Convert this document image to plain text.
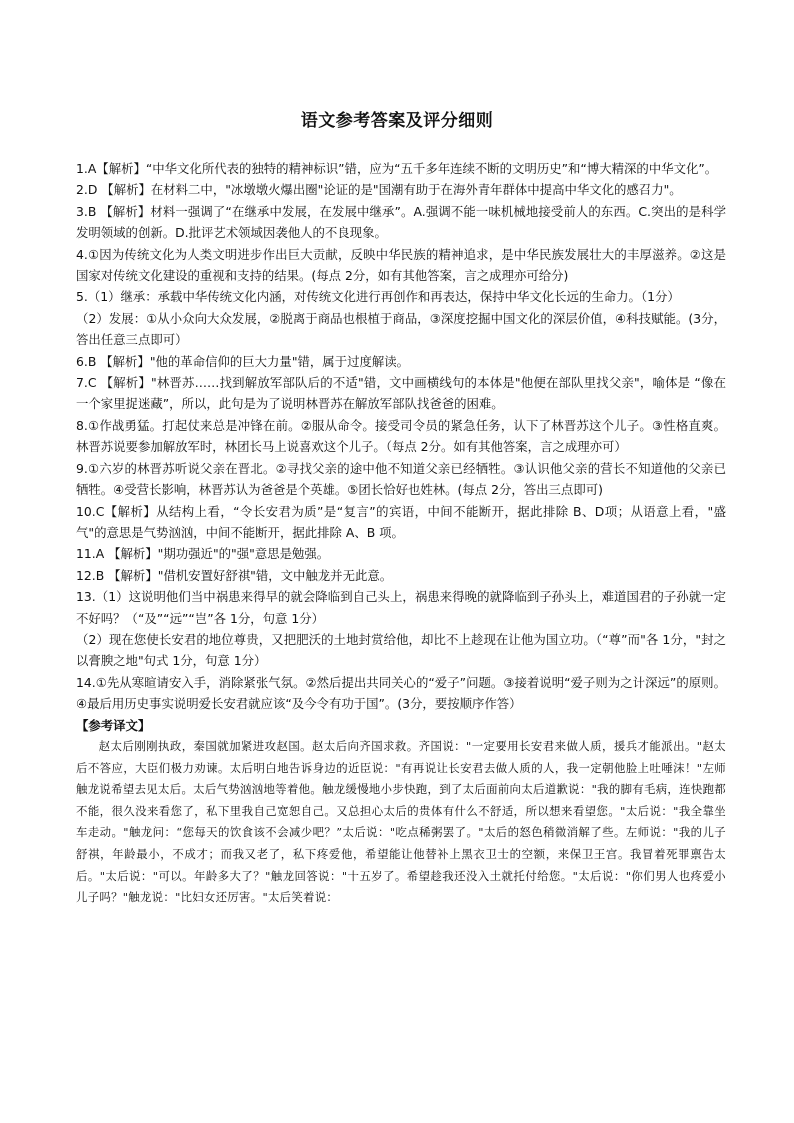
语文参考答案及评分细则

1.A【解析】“中华文化所代表的独特的精神标识”错，应为“五千多年连续不断的文明历史”和“博大精深的中华文化”。

2.D 【解析】在材料二中，"冰墩墩火爆出圈"论证的是"国潮有助于在海外青年群体中提高中华文化的感召力"。

3.B 【解析】材料一强调了“在继承中发展，在发展中继承”。A.强调不能一味机械地接受前人的东西。C.突出的是科学发明领域的创新。D.批评艺术领域因袭他人的不良现象。

4.①因为传统文化为人类文明进步作出巨大贡献，反映中华民族的精神追求，是中华民族发展壮大的丰厚滋养。②这是国家对传统文化建设的重视和支持的结果。(每点 2分，如有其他答案，言之成理亦可给分)

5.（1）继承：承载中华传统文化内涵，对传统文化进行再创作和再表达，保持中华文化长远的生命力。（1分）

（2）发展：①从小众向大众发展，②脱离于商品也根植于商品，③深度挖掘中国文化的深层价值，④科技赋能。(3分，答出任意三点即可）

6.B 【解析】"他的革命信仰的巨大力量"错，属于过度解读。

7.C 【解析】"林晋苏……找到解放军部队后的不适"错，文中画横线句的本体是"他便在部队里找父亲"，喻体是 “像在一个家里捉迷藏”，所以，此句是为了说明林晋苏在解放军部队找爸爸的困难。

8.①作战勇猛。打起仗来总是冲锋在前。②服从命令。接受司令员的紧急任务，认下了林晋苏这个儿子。③性格直爽。林晋苏说要参加解放军时，林团长马上说喜欢这个儿子。（每点 2分。如有其他答案，言之成理亦可）

9.①六岁的林晋苏听说父亲在晋北。②寻找父亲的途中他不知道父亲已经牺牲。③认识他父亲的营长不知道他的父亲已牺牲。④受营长影响，林晋苏认为爸爸是个英雄。⑤团长恰好也姓林。(每点 2分，答出三点即可)

10.C【解析】从结构上看，“令长安君为质”是“复言”的宾语，中间不能断开，据此排除 B、D项；从语意上看，"盛气"的意思是气势汹汹，中间不能断开，据此排除 A、B 项。

11.A 【解析】"期功强近"的"强"意思是勉强。

12.B 【解析】"借机安置好舒祺"错，文中触龙并无此意。

13.（1）这说明他们当中祸患来得早的就会降临到自己头上，祸患来得晚的就降临到子孙头上，难道国君的子孙就一定不好吗？（“及”“远”“岂”各 1分，句意 1分）

（2）现在您使长安君的地位尊贵，又把肥沃的土地封赏给他，却比不上趁现在让他为国立功。（“尊”而"各 1分，"封之以膏腴之地"句式 1分，句意 1分）

14.①先从寒暄请安入手，消除紧张气氛。②然后提出共同关心的“爱子”问题。③接着说明“爱子则为之计深远”的原则。④最后用历史事实说明爱长安君就应该“及今令有功于国”。(3分，要按顺序作答）

【参考译文】

赵太后刚刚执政，秦国就加紧进攻赵国。赵太后向齐国求救。齐国说："一定要用长安君来做人质，援兵才能派出。"赵太后不答应，大臣们极力劝谏。太后明白地告诉身边的近臣说："有再说让长安君去做人质的人，我一定朝他脸上吐唾沫！"左师触龙说希望去见太后。太后气势汹汹地等着他。触龙缓慢地小步快跑，到了太后面前向太后道歉说："我的脚有毛病，连快跑都不能，很久没来看您了，私下里我自己宽恕自己。又总担心太后的贵体有什么不舒适，所以想来看望您。"太后说："我全靠坐车走动。"触龙问：“您每天的饮食该不会减少吧？”太后说："吃点稀粥罢了。"太后的怒色稍微消解了些。左师说："我的儿子舒祺，年龄最小，不成才；而我又老了，私下疼爱他，希望能让他替补上黑衣卫士的空额，来保卫王宫。我冒着死罪禀告太后。"太后说："可以。年龄多大了？"触龙回答说："十五岁了。希望趁我还没入土就托付给您。"太后说："你们男人也疼爱小儿子吗？"触龙说："比妇女还厉害。"太后笑着说：
